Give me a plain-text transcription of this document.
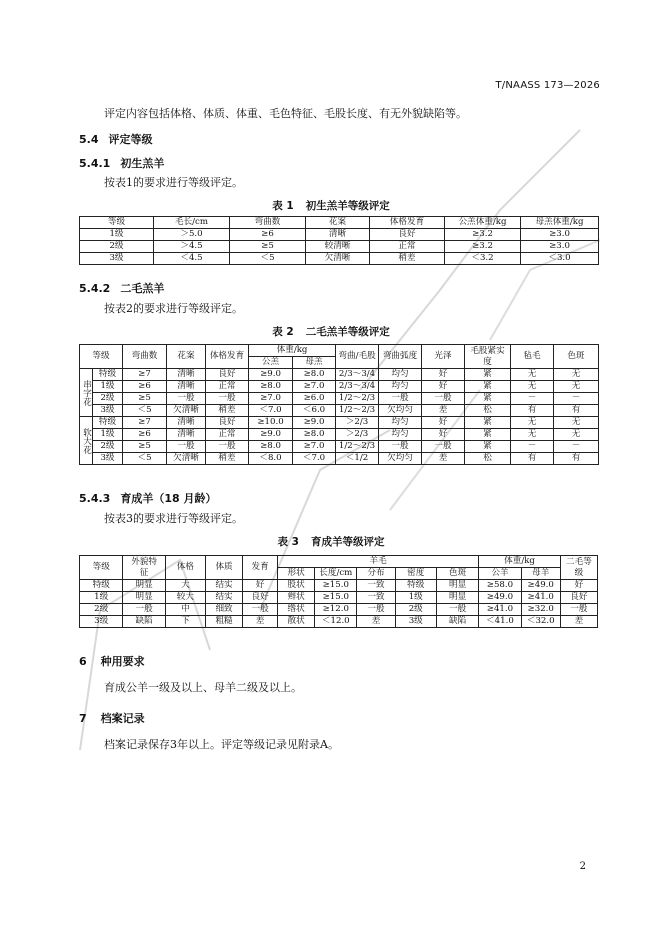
T/NAASS 173—2026
评定内容包括体格、体质、体重、毛色特征、毛股长度、有无外貌缺陷等。
5.4 评定等级
5.4.1 初生羔羊
按表1的要求进行等级评定。
表 1 初生羔羊等级评定
等级	毛长/cm	弯曲数	花案	体格发育	公羔体重/kg	母羔体重/kg
1级	＞5.0	≥6	清晰	良好	≥3.2	≥3.0
2级	＞4.5	≥5	较清晰	正常	≥3.2	≥3.0
3级	＜4.5	＜5	欠清晰	稍差	＜3.2	＜3.0
5.4.2 二毛羔羊
按表2的要求进行等级评定。
表 2 二毛羔羊等级评定
等级		弯曲数	花案	体格发育	体重/kg		弯曲/毛股	弯曲弧度	光泽	毛股紧实度	毡毛	色斑
					公羔	母羔						
串字花	特级	≥7	清晰	良好	≥9.0	≥8.0	2/3～3/4	均匀	好	紧	无	无
	1级	≥6	清晰	正常	≥8.0	≥7.0	2/3～3/4	均匀	好	紧	无	无
	2级	≥5	一般	一般	≥7.0	≥6.0	1/2～2/3	一般	一般	紧	－	－
	3级	＜5	欠清晰	稍差	＜7.0	＜6.0	1/2～2/3	欠均匀	差	松	有	有
软大花	特级	≥7	清晰	良好	≥10.0	≥9.0	＞2/3	均匀	好	紧	无	无
	1级	≥6	清晰	正常	≥9.0	≥8.0	＞2/3	均匀	好	紧	无	无
	2级	≥5	一般	一般	≥8.0	≥7.0	1/2～2/3	一般	一般	紧	－	－
	3级	＜5	欠清晰	稍差	＜8.0	＜7.0	＜1/2	欠均匀	差	松	有	有
5.4.3 育成羊（18 月龄）
按表3的要求进行等级评定。
表 3 育成羊等级评定
等级	外貌特征	体格	体质	发育	羊毛					体重/kg		二毛等级
					形状	长度/cm	分布	密度	色斑	公羊	母羊	
特级	明显	大	结实	好	股状	≥15.0	一致	特级	明显	≥58.0	≥49.0	好
1级	明显	较大	结实	良好	辫状	≥15.0	一致	1级	明显	≥49.0	≥41.0	良好
2级	一般	中	细致	一般	绺状	≥12.0	一般	2级	一般	≥41.0	≥32.0	一般
3级	缺陷	下	粗糙	差	散状	＜12.0	差	3级	缺陷	＜41.0	＜32.0	差
6 种用要求
育成公羊一级及以上、母羊二级及以上。
7 档案记录
档案记录保存3年以上。评定等级记录见附录A。
2
